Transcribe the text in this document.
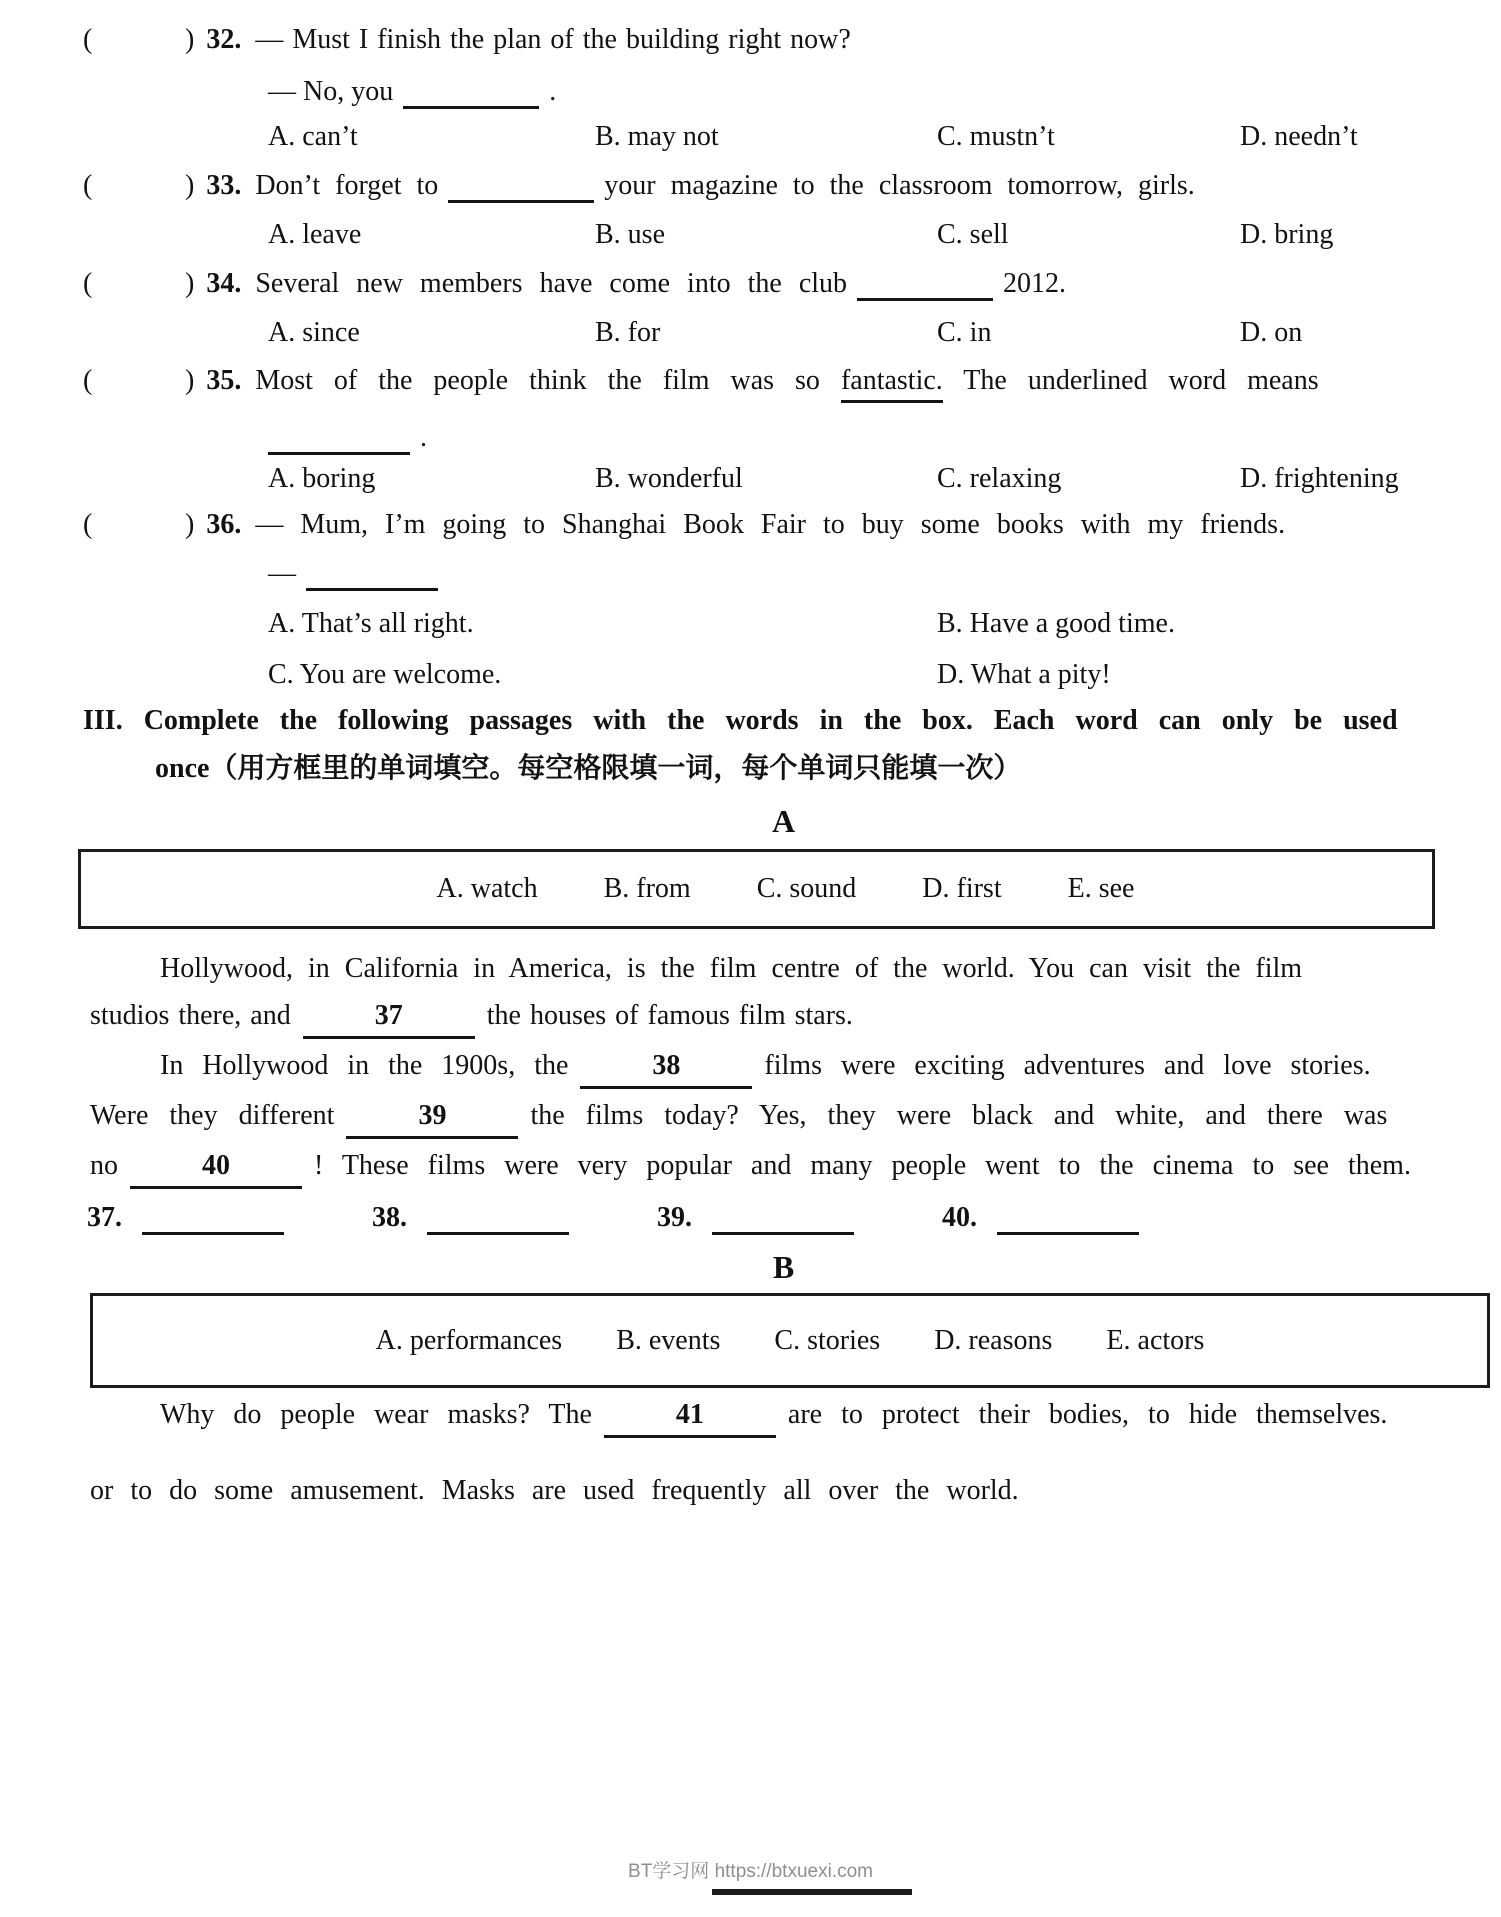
(	) 32. — Must I finish the plan of the building right now?
— No, you	.
A. can’t	B. may not	C. mustn’t	D. needn’t
(	) 33. Don’t forget to	your magazine to the classroom tomorrow, girls.
A. leave	B. use	C. sell	D. bring
(	) 34. Several new members have come into the club	2012.
A. since	B. for	C. in	D. on
(	) 35. Most of the people think the film was so fantastic. The underlined word means
.
A. boring	B. wonderful	C. relaxing	D. frightening
(	) 36. — Mum, I’m going to Shanghai Book Fair to buy some books with my friends.
—
A. That’s all right.	B. Have a good time.
C. You are welcome.	D. What a pity!
III. Complete the following passages with the words in the box. Each word can only be used
once（用方框里的单词填空。每空格限填一词，每个单词只能填一次）
A
A. watch B. from C. sound D. first E. see
Hollywood, in California in America, is the film centre of the world. You can visit the film
studios there, and	37	the houses of famous film stars.
In Hollywood in the 1900s, the	38	films were exciting adventures and love stories.
Were they different	39	the films today? Yes, they were black and white, and there was
no	40	! These films were very popular and many people went to the cinema to see them.
37.	38.	39.	40.
B
A. performances B. events C. stories D. reasons E. actors
Why do people wear masks? The	41	are to protect their bodies, to hide themselves.
or to do some amusement. Masks are used frequently all over the world.
BT学习网 https://btxuexi.com
